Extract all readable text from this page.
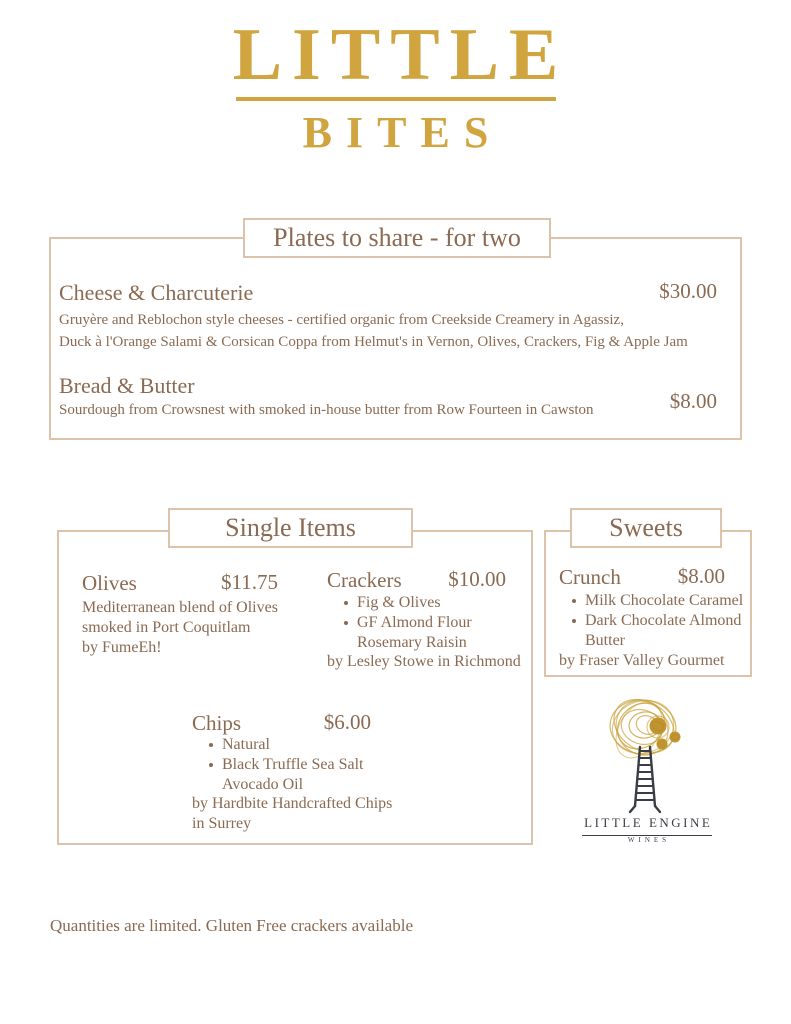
LITTLE
BITES
Plates to share - for two
Cheese & Charcuterie	$30.00
Gruyère and Reblochon style cheeses - certified organic from Creekside Creamery in Agassiz,
Duck à l'Orange Salami & Corsican Coppa from Helmut's in Vernon, Olives, Crackers, Fig & Apple Jam
Bread & Butter
$8.00
Sourdough from Crowsnest with smoked in-house butter from Row Fourteen in Cawston
Single Items
Olives	$11.75
Mediterranean blend of Olives
smoked in Port Coquitlam
by FumeEh!
Crackers $10.00
Fig & Olives
GF Almond Flour Rosemary Raisin
by Lesley Stowe in Richmond
Chips	$6.00
Natural
Black Truffle Sea Salt Avocado Oil
by Hardbite Handcrafted Chips in Surrey
Sweets
Crunch	$8.00
Milk Chocolate Caramel
Dark Chocolate Almond Butter
by Fraser Valley Gourmet
LITTLE ENGINE
WINES
Quantities are limited. Gluten Free crackers available
